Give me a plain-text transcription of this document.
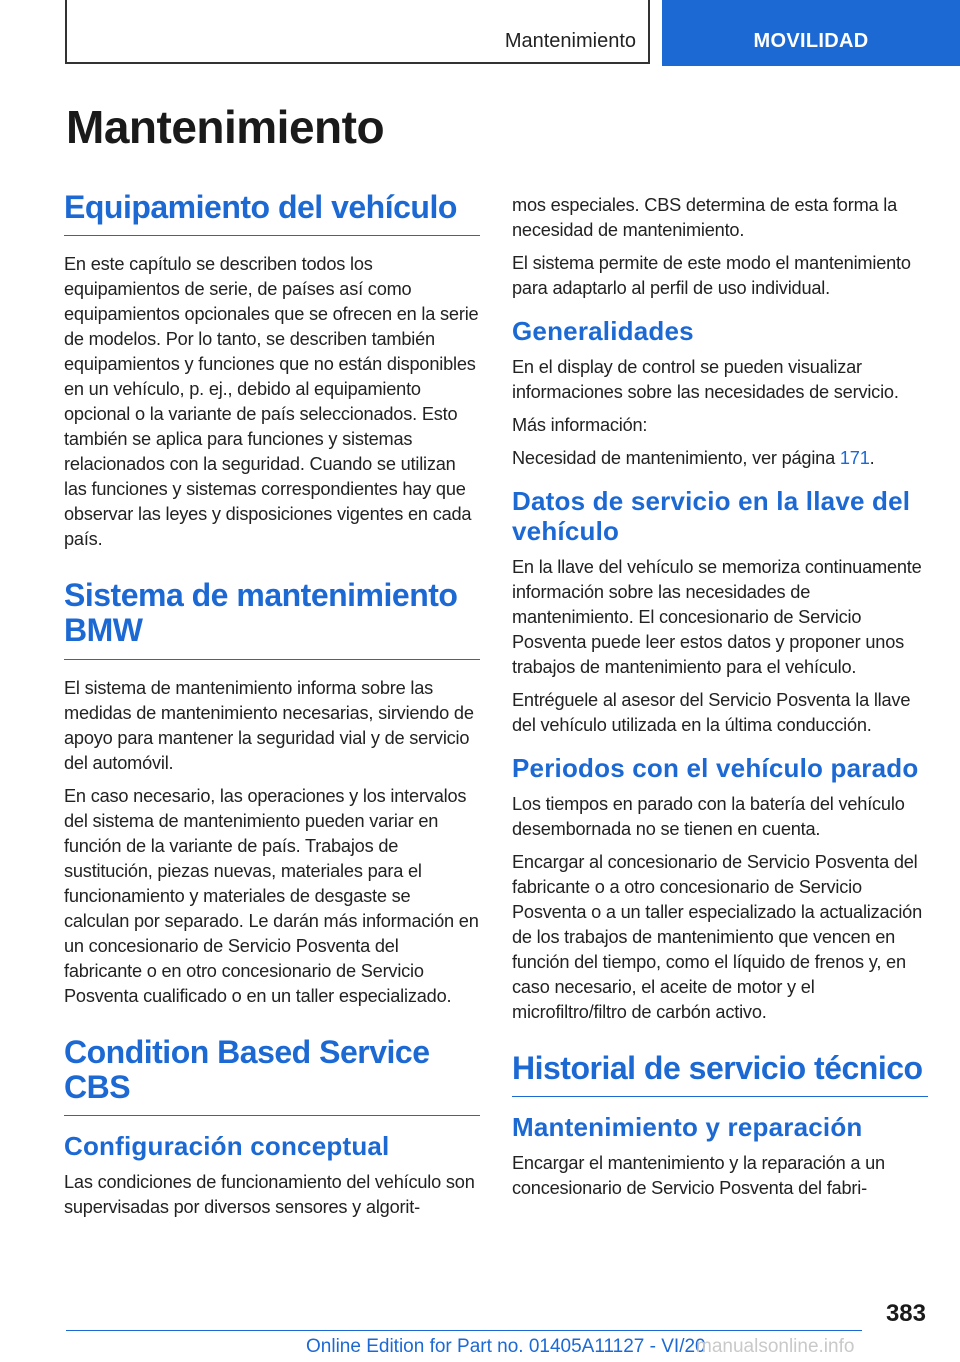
Mantenimiento	MOVILIDAD
Mantenimiento
Equipamiento del vehículo

En este capítulo se describen todos los equipamientos de serie, de países así como equipamientos opcionales que se ofrecen en la serie de modelos. Por lo tanto, se describen también equipamientos y funciones que no están disponibles en un vehículo, p. ej., debido al equipamiento opcional o la variante de país seleccionados. Esto también se aplica para funciones y sistemas relacionados con la seguridad. Cuando se utilizan las funciones y sistemas correspondientes hay que observar las leyes y disposiciones vigentes en cada país.

Sistema de mantenimiento BMW

El sistema de mantenimiento informa sobre las medidas de mantenimiento necesarias, sirviendo de apoyo para mantener la seguridad vial y de servicio del automóvil.

En caso necesario, las operaciones y los intervalos del sistema de mantenimiento pueden variar en función de la variante de país. Trabajos de sustitución, piezas nuevas, materiales para el funcionamiento y materiales de desgaste se calculan por separado. Le darán más información en un concesionario de Servicio Posventa del fabricante o en otro concesionario de Servicio Posventa cualificado o en un taller especializado.

Condition Based Service CBS
Configuración conceptual

Las condiciones de funcionamiento del vehículo son supervisadas por diversos sensores y algorit-

mos especiales. CBS determina de esta forma la necesidad de mantenimiento.

El sistema permite de este modo el mantenimiento para adaptarlo al perfil de uso individual.

Generalidades

En el display de control se pueden visualizar informaciones sobre las necesidades de servicio.

Más información:

Necesidad de mantenimiento, ver página 171.

Datos de servicio en la llave del vehículo

En la llave del vehículo se memoriza continuamente información sobre las necesidades de mantenimiento. El concesionario de Servicio Posventa puede leer estos datos y proponer unos trabajos de mantenimiento para el vehículo.

Entréguele al asesor del Servicio Posventa la llave del vehículo utilizada en la última conducción.

Periodos con el vehículo parado

Los tiempos en parado con la batería del vehículo desembornada no se tienen en cuenta.

Encargar al concesionario de Servicio Posventa del fabricante o a otro concesionario de Servicio Posventa o a un taller especializado la actualización de los trabajos de mantenimiento que vencen en función del tiempo, como el líquido de frenos y, en caso necesario, el aceite de motor y el microfiltro/filtro de carbón activo.

Historial de servicio técnico
Mantenimiento y reparación

Encargar el mantenimiento y la reparación a un concesionario de Servicio Posventa del fabri-

383
Online Edition for Part no. 01405A11127 - VI/20
manualsonline.info
